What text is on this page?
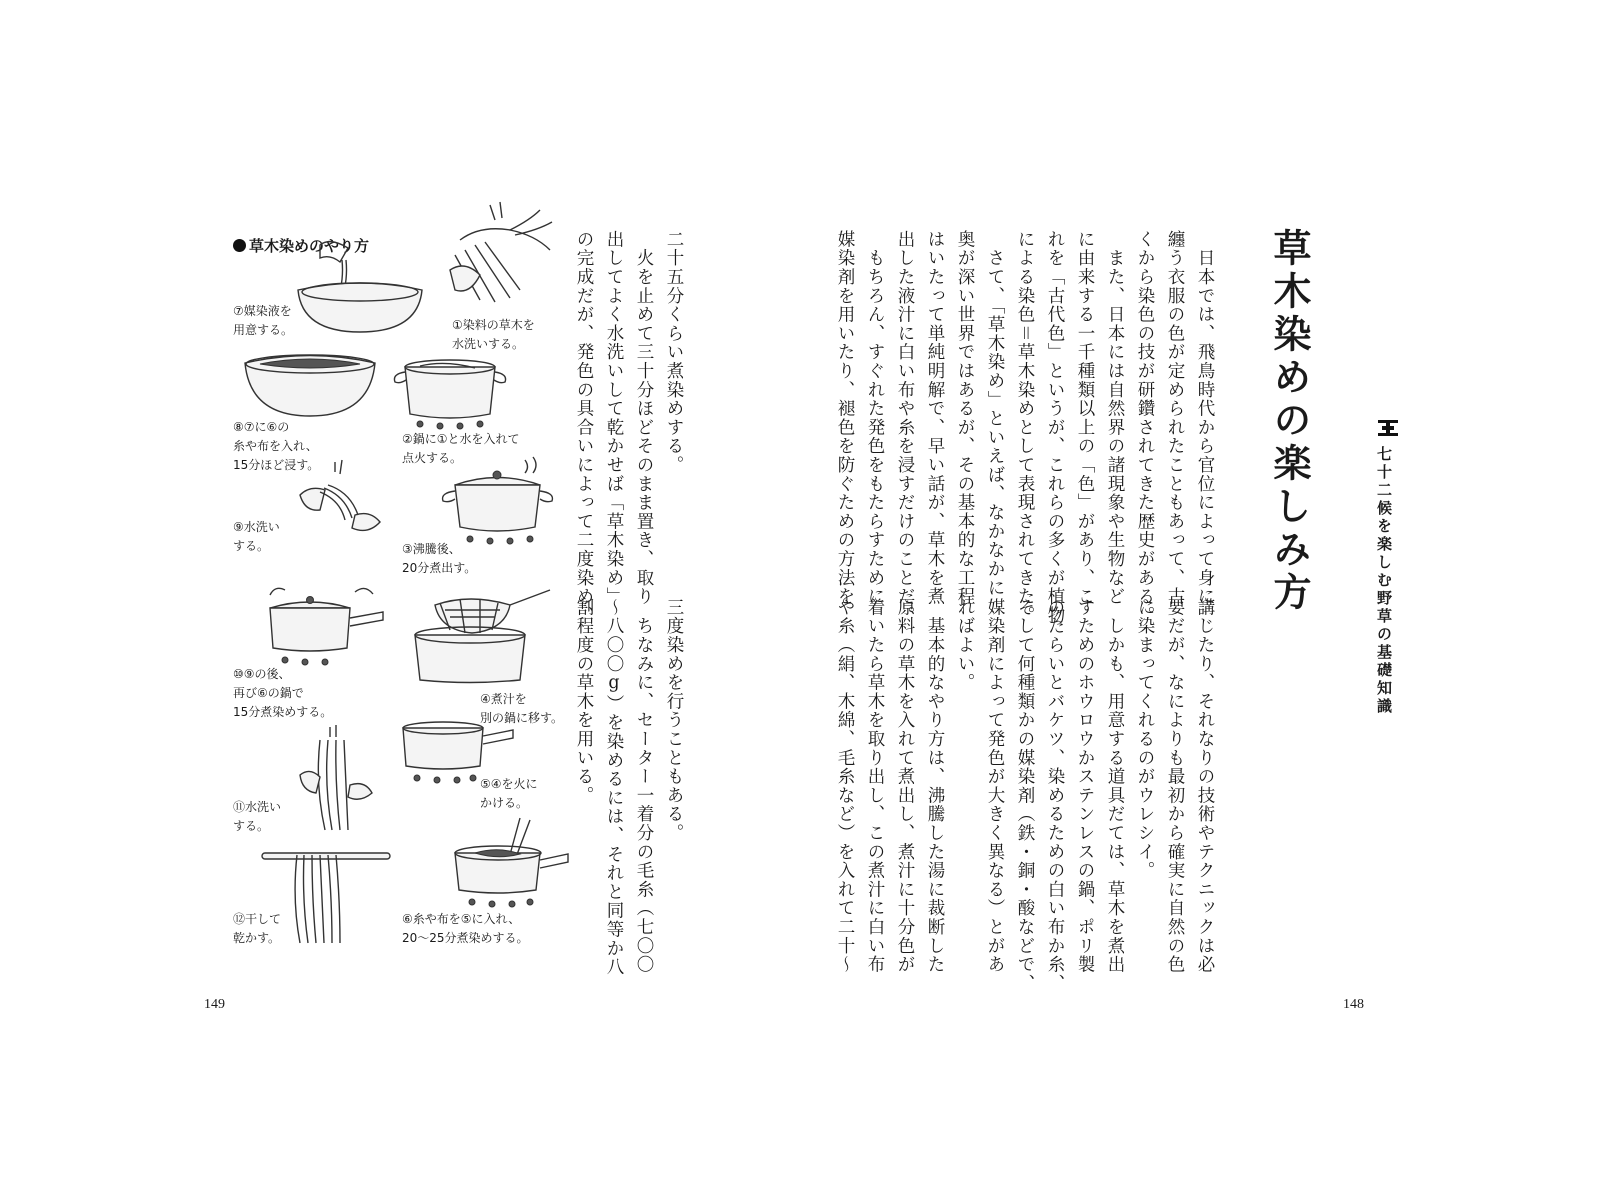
草木染めの楽しみ方	七十二候を楽しむ野草の基礎知識

　日本では、飛鳥時代から官位によって身に

纏う衣服の色が定められたこともあって、古

くから染色の技が研鑽されてきた歴史がある。

　また、日本には自然界の諸現象や生物など

に由来する一千種類以上の「色」があり、こ

れを「古代色」というが、これらの多くが植物

による染色＝草木染めとして表現されてきた。

　さて、「草木染め」といえば、なかなかに

奥が深い世界ではあるが、その基本的な工程

はいたって単純明解で、早い話が、草木を煮

出した液汁に白い布や糸を浸すだけのことだ。

　もちろん、すぐれた発色をもたらすために

媒染剤を用いたり、褪色を防ぐための方法を

講じたり、それなりの技術やテクニックは必

要だが、なによりも最初から確実に自然の色

に染まってくれるのがウレシイ。

　しかも、用意する道具だては、草木を煮出

すためのホウロウかステンレスの鍋、ポリ製

のたらいとバケツ、染めるための白い布か糸、

そして何種類かの媒染剤（鉄・銅・酸などで、

媒染剤によって発色が大きく異なる）とがあ

ればよい。

　基本的なやり方は、沸騰した湯に裁断した

原料の草木を入れて煮出し、煮汁に十分色が

着いたら草木を取り出し、この煮汁に白い布

や糸（絹、木綿、毛糸など）を入れて二十～

二十五分くらい煮染めする。

　火を止めて三十分ほどそのまま置き、取り

出してよく水洗いして乾かせば「草木染め」

の完成だが、発色の具合いによって二度染め、

三度染めを行うこともある。

　ちなみに、セーター一着分の毛糸（七〇〇

～八〇〇g）を染めるには、それと同等か八

割程度の草木を用いる。

草木染めのやり方
⑦媒染液を
用意する。	①染料の草木を
水洗いする。
⑧⑦に⑥の
糸や布を入れ、
15分ほど浸す。
②鍋に①と水を入れて
点火する。
⑨水洗い
する。	③沸騰後、
20分煮出す。
⑩⑨の後、
再び⑥の鍋で
15分煮染めする。
④煮汁を
別の鍋に移す。
⑪水洗い
する。
⑤④を火に
かける。
⑫干して
乾かす。
⑥糸や布を⑤に入れ、
20～25分煮染めする。
149	148
